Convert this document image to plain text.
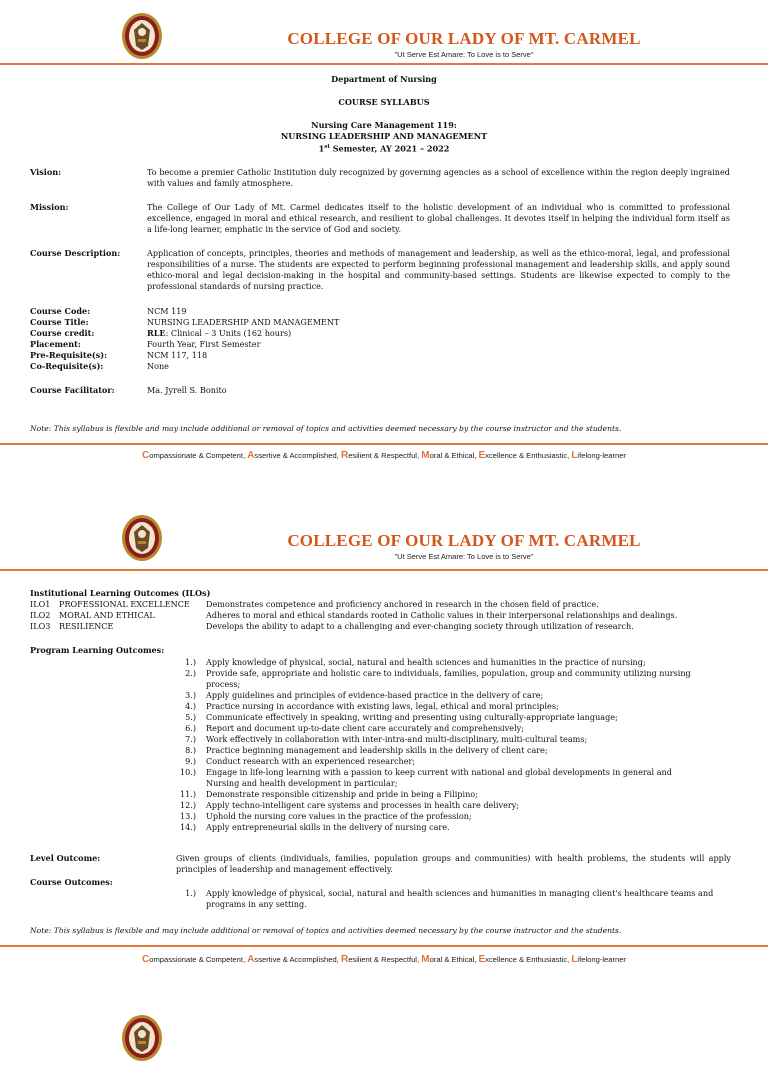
COLLEGE OF OUR LADY OF MT. CARMEL
"Ut Serve Est Amare: To Love is to Serve"
Department of Nursing
COURSE SYLLABUS
Nursing Care Management 119:
NURSING LEADERSHIP AND MANAGEMENT
1st Semester, AY 2021 – 2022
Vision:	To become a premier Catholic Institution duly recognized by governing agencies as a school of excellence within the region deeply ingrained with values and family atmosphere.
Mission:	The College of Our Lady of Mt. Carmel dedicates itself to the holistic development of an individual who is committed to professional excellence, engaged in moral and ethical research, and resilient to global challenges. It devotes itself in helping the individual form itself as a life-long learner, emphatic in the service of God and society.
Course Description:	Application of concepts, principles, theories and methods of management and leadership, as well as the ethico-moral, legal, and professional responsibilities of a nurse. The students are expected to perform beginning professional management and leadership skills, and apply sound ethico-moral and legal decision-making in the hospital and community-based settings. Students are likewise expected to comply to the professional standards of nursing practice.
Course Code:	NCM 119
Course Title:	NURSING LEADERSHIP AND MANAGEMENT
Course credit:	RLE: Clinical – 3 Units (162 hours)
Placement:	Fourth Year, First Semester
Pre-Requisite(s):	NCM 117, 118
Co-Requisite(s):	None
Course Facilitator:	Ma. Jyrell S. Bonito
Note: This syllabus is flexible and may include additional or removal of topics and activities deemed necessary by the course instructor and the students.
Compassionate & Competent, Assertive & Accomplished, Resilient & Respectful, Moral & Ethical, Excellence & Enthusiastic, Lifelong-learner
COLLEGE OF OUR LADY OF MT. CARMEL
"Ut Serve Est Amare: To Love is to Serve"
Institutional Learning Outcomes (ILOs)
ILO1 PROFESSIONAL EXCELLENCE Demonstrates competence and proficiency anchored in research in the chosen field of practice.
ILO2 MORAL AND ETHICAL	Adheres to moral and ethical standards rooted in Catholic values in their interpersonal relationships and dealings.
ILO3 RESILIENCE	Develops the ability to adapt to a challenging and ever-changing society through utilization of research.
Program Learning Outcomes:
1.) Apply knowledge of physical, social, natural and health sciences and humanities in the practice of nursing;
2.) Provide safe, appropriate and holistic care to individuals, families, population, group and community utilizing nursing
process;
3.) Apply guidelines and principles of evidence-based practice in the delivery of care;
4.) Practice nursing in accordance with existing laws, legal, ethical and moral principles;
5.) Communicate effectively in speaking, writing and presenting using culturally-appropriate language;
6.) Report and document up-to-date client care accurately and comprehensively;
7.) Work effectively in collaboration with inter-intra-and multi-disciplinary, multi-cultural teams;
8.) Practice beginning management and leadership skills in the delivery of client care;
9.) Conduct research with an experienced researcher;
10.) Engage in life-long learning with a passion to keep current with national and global developments in general and
Nursing and health development in particular;
11.) Demonstrate responsible citizenship and pride in being a Filipino;
12.) Apply techno-intelligent care systems and processes in health care delivery;
13.) Uphold the nursing core values in the practice of the profession;
14.) Apply entrepreneurial skills in the delivery of nursing care.
Level Outcome:	Given groups of clients (individuals, families, population groups and communities) with health problems, the students will apply principles of leadership and management effectively.
Course Outcomes:
1.) Apply knowledge of physical, social, natural and health sciences and humanities in managing client's healthcare teams and programs in any setting.
Note: This syllabus is flexible and may include additional or removal of topics and activities deemed necessary by the course instructor and the students.
Compassionate & Competent, Assertive & Accomplished, Resilient & Respectful, Moral & Ethical, Excellence & Enthusiastic, Lifelong-learner
